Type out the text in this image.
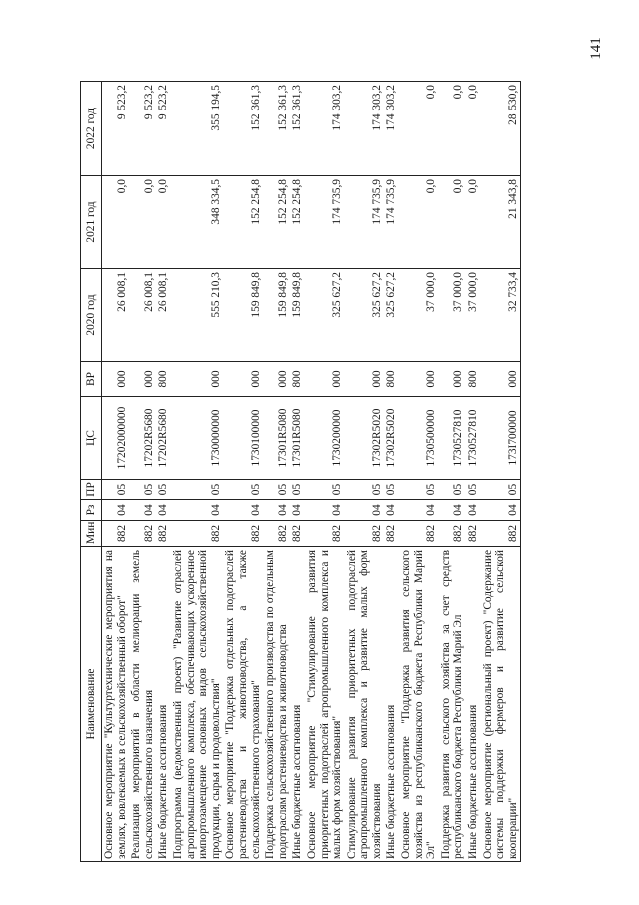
141
Наименование	Мин	Рз	ПР	ЦС	ВР	2020 год	2021 год	2022 год
Основное мероприятие "Культуртехнические мероприятия на землях, вовлекаемых в сельскохозяйственный оборот"	882	04	05	17202000000	000	26 008,1	0,0	9 523,2
Реализация мероприятий в области мелиорации земель сельскохозяйственного назначения	882	04	05	17202R5680	000	26 008,1	0,0	9 523,2
Иные бюджетные ассигнования	882	04	05	17202R5680	800	26 008,1	0,0	9 523,2
Подпрограмма (ведомственный проект) "Развитие отраслей агропромышленного комплекса, обеспечивающих ускоренное импортозамещение основных видов сельскохозяйственной продукции, сырья и продовольствия"	882	04	05	1730000000	000	555 210,3	348 334,5	355 194,5
Основное мероприятие "Поддержка отдельных подотраслей растениеводства и животноводства, а также сельскохозяйственного страхования"	882	04	05	1730100000	000	159 849,8	152 254,8	152 361,3
Поддержка сельскохозяйственного производства по отдельным подотраслям растениеводства и животноводства	882	04	05	17301R5080	000	159 849,8	152 254,8	152 361,3
Иные бюджетные ассигнования	882	04	05	17301R5080	800	159 849,8	152 254,8	152 361,3
Основное мероприятие "Стимулирование развития приоритетных подотраслей агропромышленного комплекса и малых форм хозяйствования"	882	04	05	1730200000	000	325 627,2	174 735,9	174 303,2
Стимулирование развития приоритетных подотраслей агропромышленного комплекса и развитие малых форм хозяйствования	882	04	05	17302R5020	000	325 627,2	174 735,9	174 303,2
Иные бюджетные ассигнования	882	04	05	17302R5020	800	325 627,2	174 735,9	174 303,2
Основное мероприятие "Поддержка развития сельского хозяйства из республиканского бюджета Республики Марий Эл"	882	04	05	1730500000	000	37 000,0	0,0	0,0
Поддержка развития сельского хозяйства за счет средств республиканского бюджета Республики Марий Эл	882	04	05	1730527810	000	37 000,0	0,0	0,0
Иные бюджетные ассигнования	882	04	05	1730527810	800	37 000,0	0,0	0,0
Основное мероприятие (региональный проект) "Содержание системы поддержки фермеров и развитие сельской кооперации"	882	04	05	173I700000	000	32 733,4	21 343,8	28 530,0
